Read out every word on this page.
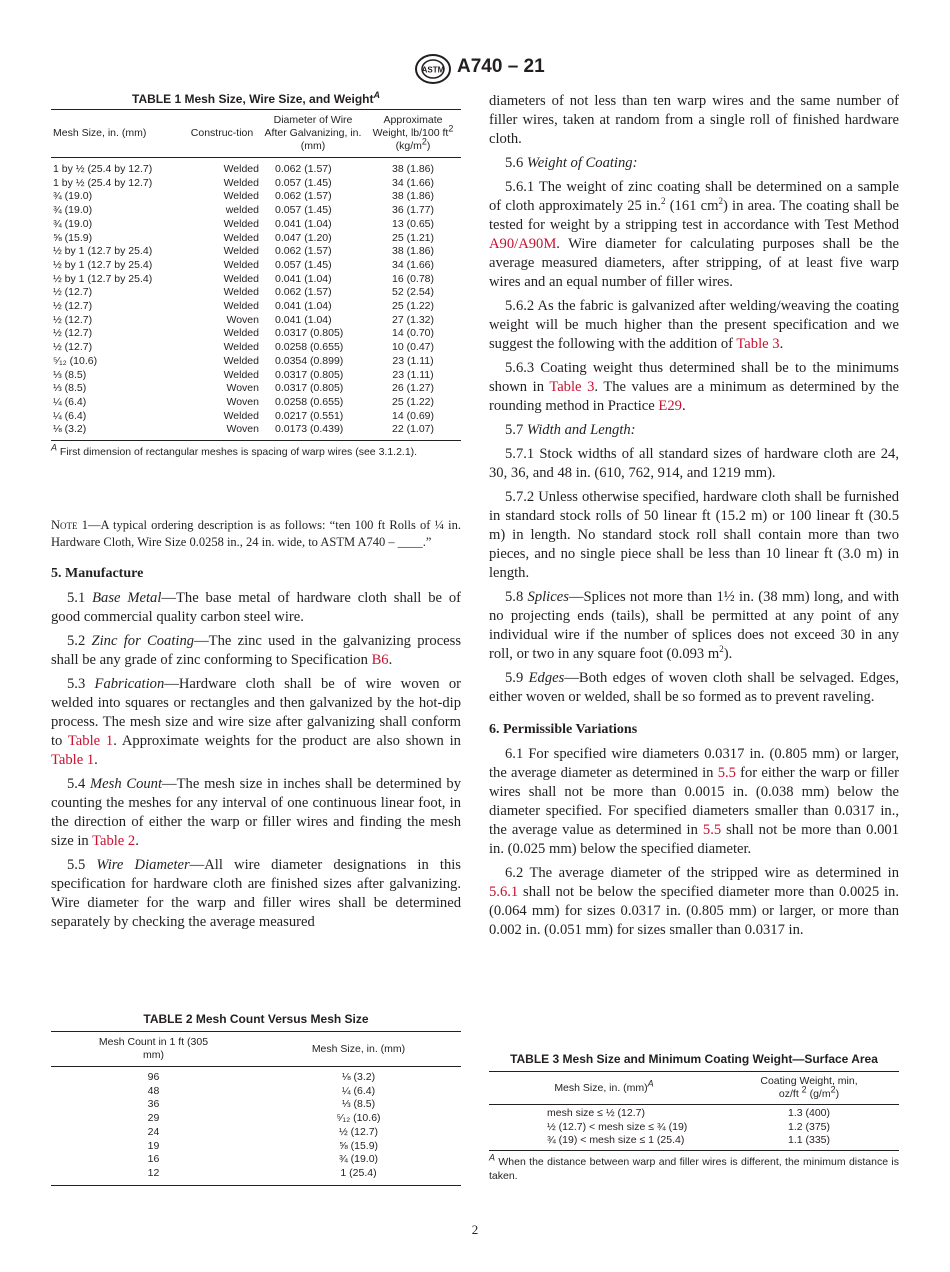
ASTM A740 – 21
TABLE 1 Mesh Size, Wire Size, and Weight$^A$
Mesh Size, in. (mm)	Construc-tion	Diameter of Wire After Galvanizing, in. (mm)	Approximate Weight, lb/100 $ft^2$
$(kg/m^2)$
1 by ½ (25.4 by 12.7)	Welded	0.062 (1.57)	38 (1.86)
1 by ½ (25.4 by 12.7)	Welded	0.057 (1.45)	34 (1.66)
¾ (19.0)	Welded	0.062 (1.57)	38 (1.86)
¾ (19.0)	welded	0.057 (1.45)	36 (1.77)
¾ (19.0)	Welded	0.041 (1.04)	13 (0.65)
⅝ (15.9)	Welded	0.047 (1.20)	25 (1.21)
½ by 1 (12.7 by 25.4)	Welded	0.062 (1.57)	38 (1.86)
½ by 1 (12.7 by 25.4)	Welded	0.057 (1.45)	34 (1.66)
½ by 1 (12.7 by 25.4)	Welded	0.041 (1.04)	16 (0.78)
½ (12.7)	Welded	0.062 (1.57)	52 (2.54)
½ (12.7)	Welded	0.041 (1.04)	25 (1.22)
½ (12.7)	Woven	0.041 (1.04)	27 (1.32)
½ (12.7)	Welded	0.0317 (0.805)	14 (0.70)
½ (12.7)	Welded	0.0258 (0.655)	10 (0.47)
⁵⁄₁₂ (10.6)	Welded	0.0354 (0.899)	23 (1.11)
⅓ (8.5)	Welded	0.0317 (0.805)	23 (1.11)
⅓ (8.5)	Woven	0.0317 (0.805)	26 (1.27)
¼ (6.4)	Woven	0.0258 (0.655)	25 (1.22)
¼ (6.4)	Welded	0.0217 (0.551)	14 (0.69)
⅛ (3.2)	Woven	0.0173 (0.439)	22 (1.07)
$^A$ First dimension of rectangular meshes is spacing of warp wires (see 3.1.2.1).
Note 1—A typical ordering description is as follows: “ten 100 ft Rolls of ¼ in. Hardware Cloth, Wire Size 0.0258 in., 24 in. wide, to ASTM A740 – ____.”
5. Manufacture

5.1 Base Metal—The base metal of hardware cloth shall be of good commercial quality carbon steel wire.

5.2 Zinc for Coating—The zinc used in the galvanizing process shall be any grade of zinc conforming to Specification B6.

5.3 Fabrication—Hardware cloth shall be of wire woven or welded into squares or rectangles and then galvanized by the hot-dip process. The mesh size and wire size after galvanizing shall conform to Table 1. Approximate weights for the product are also shown in Table 1.

5.4 Mesh Count—The mesh size in inches shall be determined by counting the meshes for any interval of one continuous linear foot, in the direction of either the warp or filler wires and finding the mesh size in Table 2.

5.5 Wire Diameter—All wire diameter designations in this specification for hardware cloth are finished sizes after galvanizing. Wire diameter for the warp and filler wires shall be determined separately by checking the average measured

TABLE 2 Mesh Count Versus Mesh Size
Mesh Count in 1 ft (305 mm)	Mesh Size, in. (mm)
96	⅛ (3.2)
48	¼ (6.4)
36	⅓ (8.5)
29	⁵⁄₁₂ (10.6)
24	½ (12.7)
19	⅝ (15.9)
16	¾ (19.0)
12	1 (25.4)

diameters of not less than ten warp wires and the same number of filler wires, taken at random from a single roll of finished hardware cloth.

5.6 Weight of Coating:

5.6.1 The weight of zinc coating shall be determined on a sample of cloth approximately 25 in.$^2$ (161 $cm^2$) in area. The coating shall be tested for weight by a stripping test in accordance with Test Method A90/A90M. Wire diameter for calculating purposes shall be the average measured diameters, after stripping, of at least five warp wires and an equal number of filler wires.

5.6.2 As the fabric is galvanized after welding/weaving the coating weight will be much higher than the present specification and we suggest the following with the addition of Table 3.

5.6.3 Coating weight thus determined shall be to the minimums shown in Table 3. The values are a minimum as determined by the rounding method in Practice E29.

5.7 Width and Length:

5.7.1 Stock widths of all standard sizes of hardware cloth are 24, 30, 36, and 48 in. (610, 762, 914, and 1219 mm).

5.7.2 Unless otherwise specified, hardware cloth shall be furnished in standard stock rolls of 50 linear ft (15.2 m) or 100 linear ft (30.5 m) in length. No standard stock roll shall contain more than two pieces, and no single piece shall be less than 10 linear ft (3.0 m) in length.

5.8 Splices—Splices not more than 1½ in. (38 mm) long, and with no projecting ends (tails), shall be permitted at any point of any individual wire if the number of splices does not exceed 30 in any roll, or two in any square foot (0.093 $m^2$).

5.9 Edges—Both edges of woven cloth shall be selvaged. Edges, either woven or welded, shall be so formed as to prevent raveling.

6. Permissible Variations

6.1 For specified wire diameters 0.0317 in. (0.805 mm) or larger, the average diameter as determined in 5.5 for either the warp or filler wires shall not be more than 0.0015 in. (0.038 mm) below the diameter specified. For specified diameters smaller than 0.0317 in., the average value as determined in 5.5 shall not be more than 0.001 in. (0.025 mm) below the specified diameter.

6.2 The average diameter of the stripped wire as determined in 5.6.1 shall not be below the specified diameter more than 0.0025 in. (0.064 mm) for sizes 0.0317 in. (0.805 mm) or larger, or more than 0.002 in. (0.051 mm) for sizes smaller than 0.0317 in.

TABLE 3 Mesh Size and Minimum Coating Weight—Surface Area
Mesh Size, in. (mm)$^A$	Coating Weight, min,
oz/ft $^2$ $(g/m^2)$
mesh size ≤ ½ (12.7)	1.3 (400)
½ (12.7) < mesh size ≤ ¾ (19)	1.2 (375)
¾ (19) < mesh size ≤ 1 (25.4)	1.1 (335)
$^A$ When the distance between warp and filler wires is different, the minimum distance is taken.
2
